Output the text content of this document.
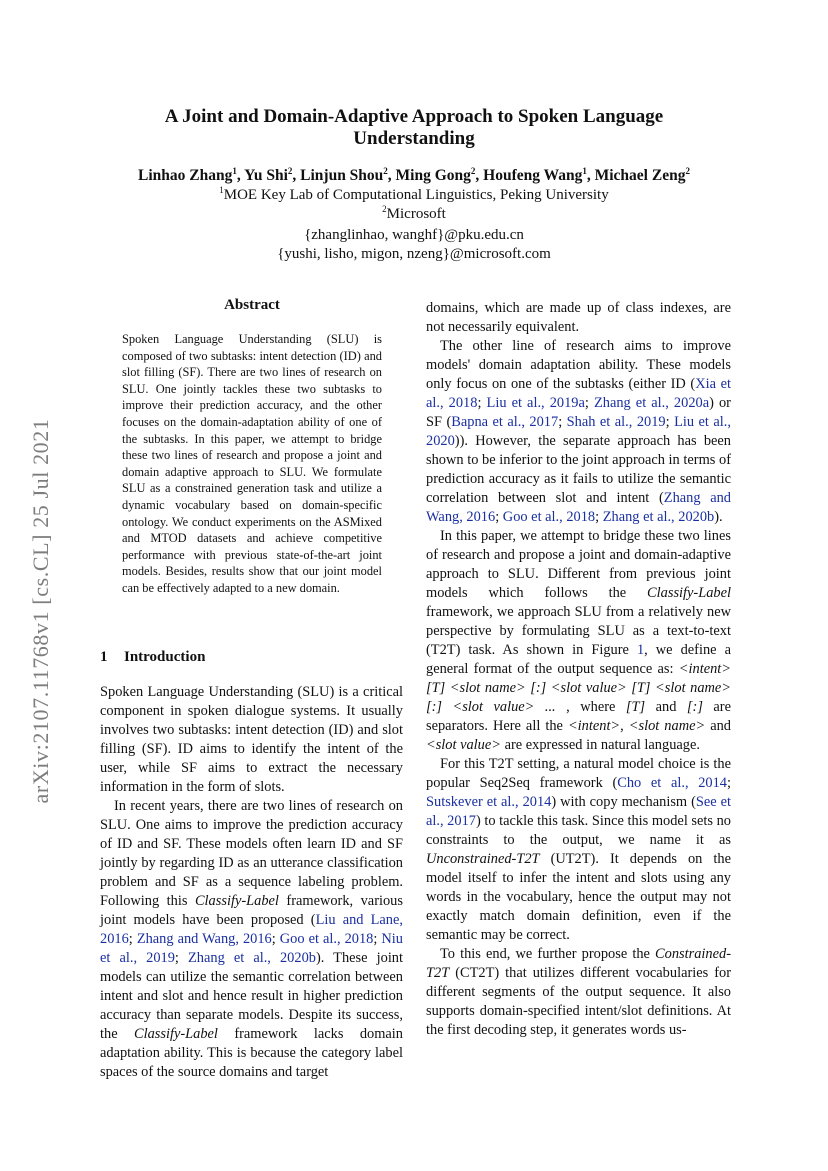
arXiv:2107.11768v1 [cs.CL] 25 Jul 2021
A Joint and Domain-Adaptive Approach to Spoken Language
Understanding
Linhao Zhang$^1$, Yu Shi$^2$, Linjun Shou$^2$, Ming Gong$^2$, Houfeng Wang$^1$, Michael Zeng$^2$
$^1$MOE Key Lab of Computational Linguistics, Peking University
$^2$Microsoft
{zhanglinhao, wanghf}@pku.edu.cn
{yushi, lisho, migon, nzeng}@microsoft.com
Abstract

Spoken Language Understanding (SLU) is composed of two subtasks: intent detection (ID) and slot filling (SF). There are two lines of research on SLU. One jointly tackles these two subtasks to improve their prediction accuracy, and the other focuses on the domain-adaptation ability of one of the subtasks. In this paper, we attempt to bridge these two lines of research and propose a joint and domain adaptive approach to SLU. We formulate SLU as a constrained generation task and utilize a dynamic vocabulary based on domain-specific ontology. We conduct experiments on the ASMixed and MTOD datasets and achieve competitive performance with previous state-of-the-art joint models. Besides, results show that our joint model can be effectively adapted to a new domain.

1 Introduction

Spoken Language Understanding (SLU) is a critical component in spoken dialogue systems. It usually involves two subtasks: intent detection (ID) and slot filling (SF). ID aims to identify the intent of the user, while SF aims to extract the necessary information in the form of slots.

In recent years, there are two lines of research on SLU. One aims to improve the prediction accuracy of ID and SF. These models often learn ID and SF jointly by regarding ID as an utterance classification problem and SF as a sequence labeling problem. Following this Classify-Label framework, various joint models have been proposed (Liu and Lane, 2016; Zhang and Wang, 2016; Goo et al., 2018; Niu et al., 2019; Zhang et al., 2020b). These joint models can utilize the semantic correlation between intent and slot and hence result in higher prediction accuracy than separate models. Despite its success, the Classify-Label framework lacks domain adaptation ability. This is because the category label spaces of the source domains and target

domains, which are made up of class indexes, are not necessarily equivalent.

The other line of research aims to improve models' domain adaptation ability. These models only focus on one of the subtasks (either ID (Xia et al., 2018; Liu et al., 2019a; Zhang et al., 2020a) or SF (Bapna et al., 2017; Shah et al., 2019; Liu et al., 2020)). However, the separate approach has been shown to be inferior to the joint approach in terms of prediction accuracy as it fails to utilize the semantic correlation between slot and intent (Zhang and Wang, 2016; Goo et al., 2018; Zhang et al., 2020b).

In this paper, we attempt to bridge these two lines of research and propose a joint and domain-adaptive approach to SLU. Different from previous joint models which follows the Classify-Label framework, we approach SLU from a relatively new perspective by formulating SLU as a text-to-text (T2T) task. As shown in Figure 1, we define a general format of the output sequence as: <intent> [T] <slot name> [:] <slot value> [T] <slot name> [:] <slot value> ... , where [T] and [:] are separators. Here all the <intent>, <slot name> and <slot value> are expressed in natural language.

For this T2T setting, a natural model choice is the popular Seq2Seq framework (Cho et al., 2014; Sutskever et al., 2014) with copy mechanism (See et al., 2017) to tackle this task. Since this model sets no constraints to the output, we name it as Unconstrained-T2T (UT2T). It depends on the model itself to infer the intent and slots using any words in the vocabulary, hence the output may not exactly match domain definition, even if the semantic may be correct.

To this end, we further propose the Constrained-T2T (CT2T) that utilizes different vocabularies for different segments of the output sequence. It also supports domain-specified intent/slot definitions. At the first decoding step, it generates words us-
